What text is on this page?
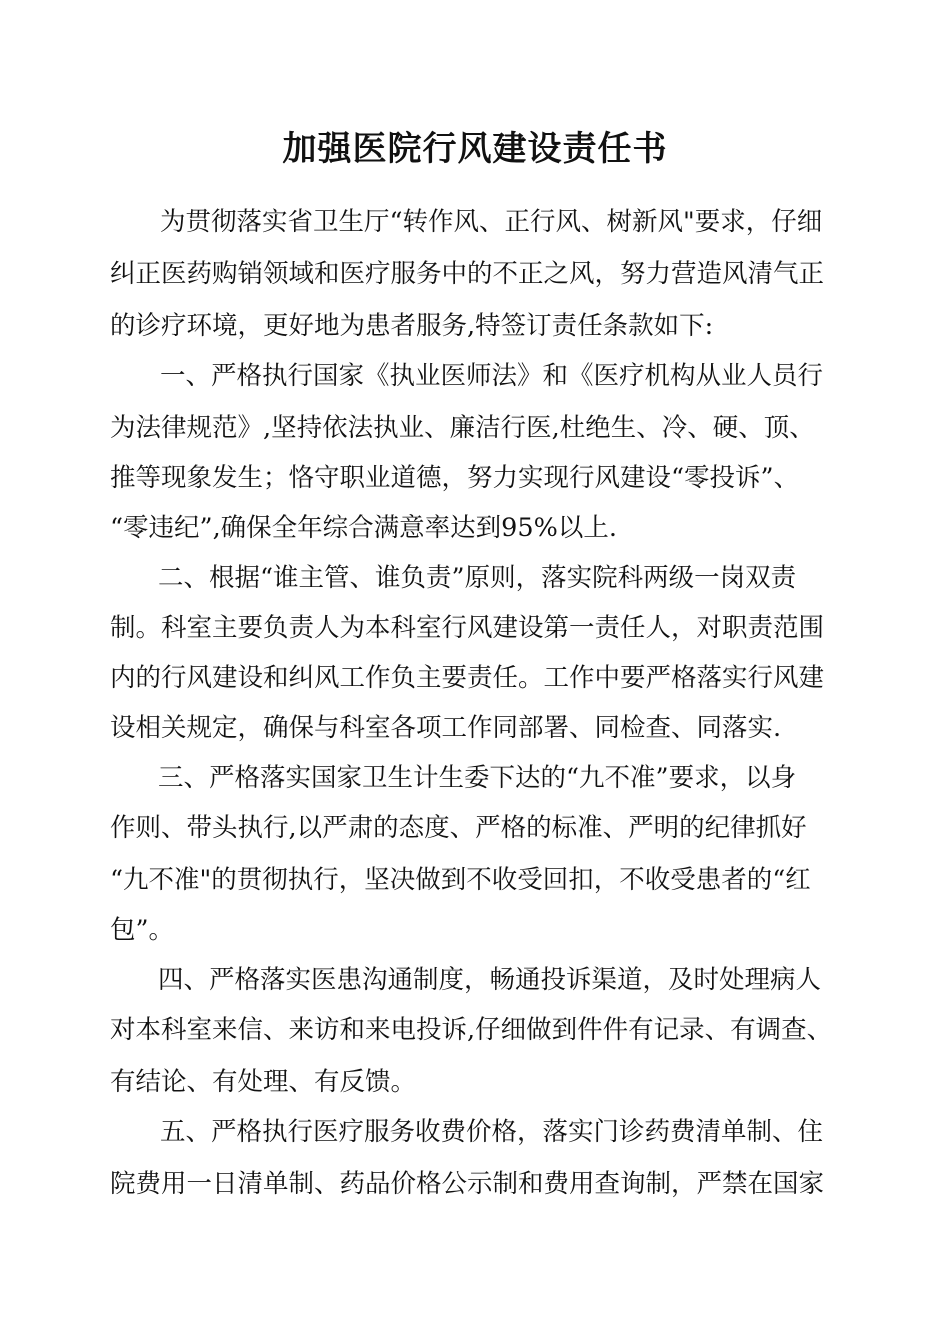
加强医院行风建设责任书

为贯彻落实省卫生厅“转作风、正行风、树新风"要求，仔细

纠正医药购销领域和医疗服务中的不正之风，努力营造风清气正

的诊疗环境，更好地为患者服务,特签订责任条款如下:

一、严格执行国家《执业医师法》和《医疗机构从业人员行

为法律规范》,坚持依法执业、廉洁行医,杜绝生、冷、硬、顶、

推等现象发生；恪守职业道德，努力实现行风建设“零投诉”、

“零违纪”,确保全年综合满意率达到95%以上.

二、根据“谁主管、谁负责”原则，落实院科两级一岗双责

制。科室主要负责人为本科室行风建设第一责任人，对职责范围

内的行风建设和纠风工作负主要责任。工作中要严格落实行风建

设相关规定，确保与科室各项工作同部署、同检查、同落实.

三、严格落实国家卫生计生委下达的“九不准”要求，以身

作则、带头执行,以严肃的态度、严格的标准、严明的纪律抓好

“九不准"的贯彻执行，坚决做到不收受回扣，不收受患者的“红

包”。

四、严格落实医患沟通制度，畅通投诉渠道，及时处理病人

对本科室来信、来访和来电投诉,仔细做到件件有记录、有调查、

有结论、有处理、有反馈。

五、严格执行医疗服务收费价格，落实门诊药费清单制、住

院费用一日清单制、药品价格公示制和费用查询制，严禁在国家
